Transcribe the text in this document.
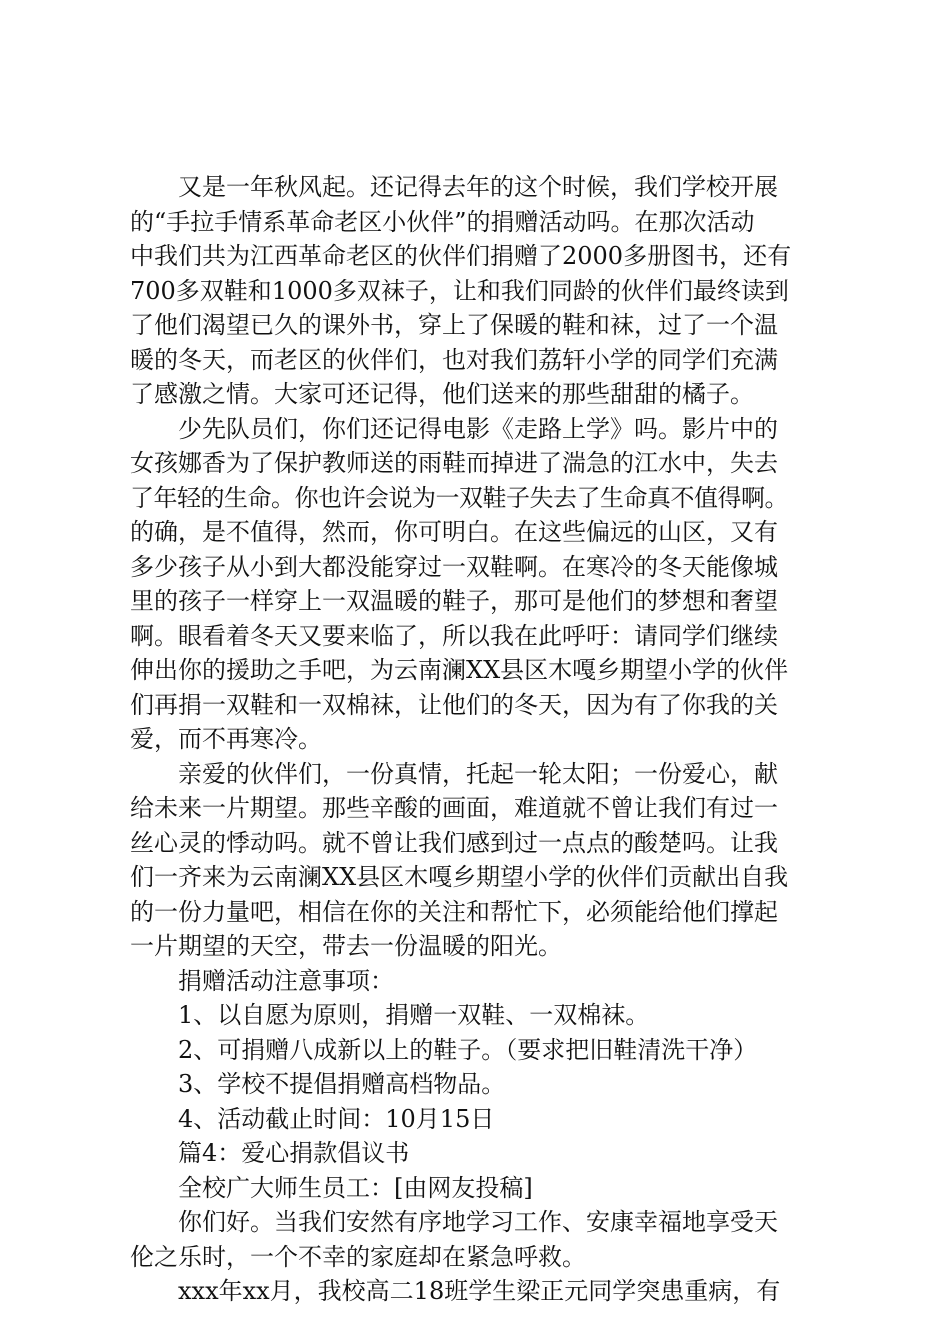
又是一年秋风起。还记得去年的这个时候，我们学校开展
的“手拉手情系革命老区小伙伴”的捐赠活动吗。在那次活动
中我们共为江西革命老区的伙伴们捐赠了2000多册图书，还有
700多双鞋和1000多双袜子，让和我们同龄的伙伴们最终读到
了他们渴望已久的课外书，穿上了保暖的鞋和袜，过了一个温
暖的冬天，而老区的伙伴们，也对我们荔轩小学的同学们充满
了感激之情。大家可还记得，他们送来的那些甜甜的橘子。
少先队员们，你们还记得电影《走路上学》吗。影片中的
女孩娜香为了保护教师送的雨鞋而掉进了湍急的江水中，失去
了年轻的生命。你也许会说为一双鞋子失去了生命真不值得啊。
的确，是不值得，然而，你可明白。在这些偏远的山区，又有
多少孩子从小到大都没能穿过一双鞋啊。在寒冷的冬天能像城
里的孩子一样穿上一双温暖的鞋子，那可是他们的梦想和奢望
啊。眼看着冬天又要来临了，所以我在此呼吁：请同学们继续
伸出你的援助之手吧，为云南澜XX县区木嘎乡期望小学的伙伴
们再捐一双鞋和一双棉袜，让他们的冬天，因为有了你我的关
爱，而不再寒冷。
亲爱的伙伴们，一份真情，托起一轮太阳；一份爱心，献
给未来一片期望。那些辛酸的画面，难道就不曾让我们有过一
丝心灵的悸动吗。就不曾让我们感到过一点点的酸楚吗。让我
们一齐来为云南澜XX县区木嘎乡期望小学的伙伴们贡献出自我
的一份力量吧，相信在你的关注和帮忙下，必须能给他们撑起
一片期望的天空，带去一份温暖的阳光。
捐赠活动注意事项：
1、以自愿为原则，捐赠一双鞋、一双棉袜。
2、可捐赠八成新以上的鞋子。（要求把旧鞋清洗干净）
3、学校不提倡捐赠高档物品。
4、活动截止时间：10月15日
篇4：爱心捐款倡议书
全校广大师生员工：[由网友投稿]
你们好。当我们安然有序地学习工作、安康幸福地享受天
伦之乐时，一个不幸的家庭却在紧急呼救。
xxx年xx月，我校高二18班学生梁正元同学突患重病，有
